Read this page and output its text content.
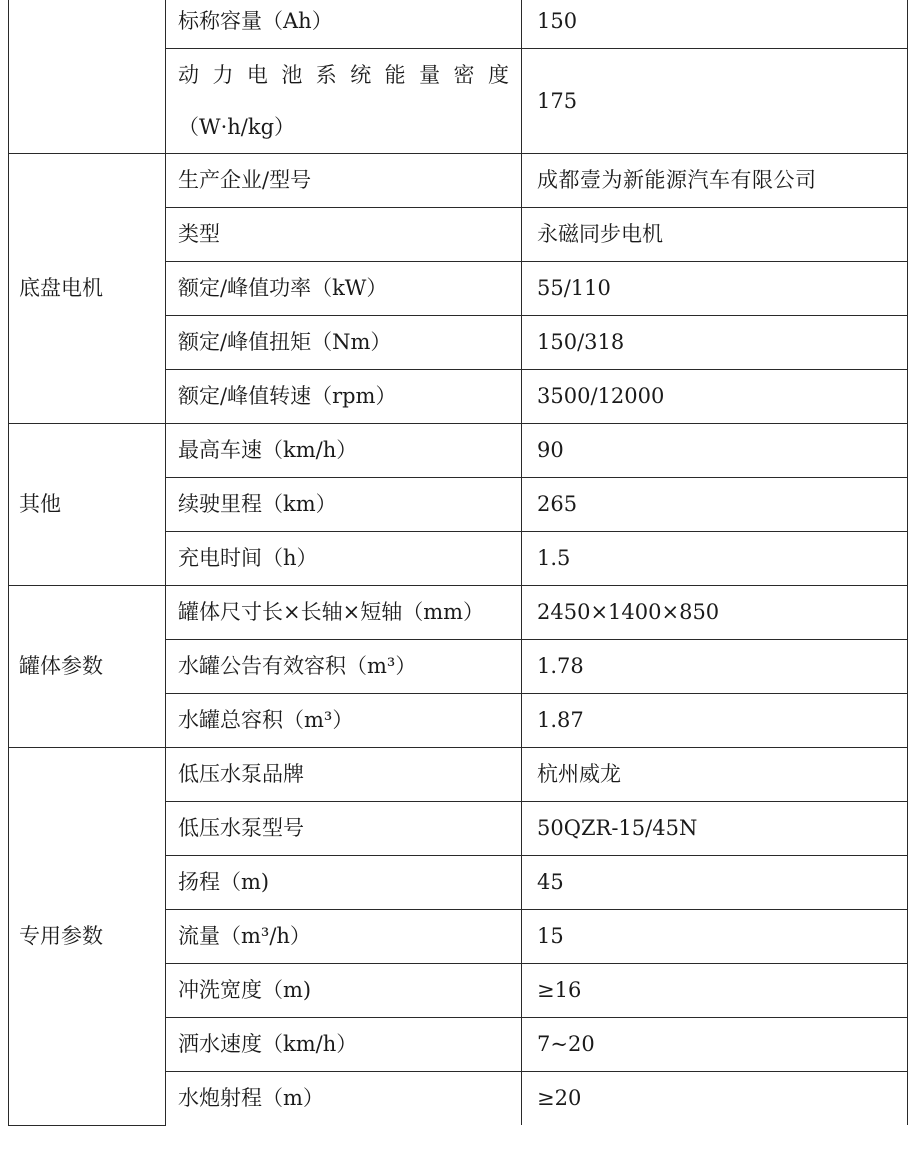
	标称容量（Ah）	150

	动 力 电 池 系 统 能 量 密 度
（W·h/kg）	175
底盘电机	生产企业/型号	成都壹为新能源汽车有限公司
	类型	永磁同步电机
	额定/峰值功率（kW）	55/110
	额定/峰值扭矩（Nm）	150/318
	额定/峰值转速（rpm）	3500/12000
其他	最高车速（km/h）	90
	续驶里程（km）	265
	充电时间（h）	1.5
罐体参数	罐体尺寸长×长轴×短轴（mm）	2450×1400×850
	水罐公告有效容积（m³）	1.78
	水罐总容积（m³）	1.87
专用参数	低压水泵品牌	杭州威龙
	低压水泵型号	50QZR-15/45N
	扬程（m)	45
	流量（m³/h）	15
	冲洗宽度（m)	≥16
	洒水速度（km/h）	7~20
	水炮射程（m）	≥20
